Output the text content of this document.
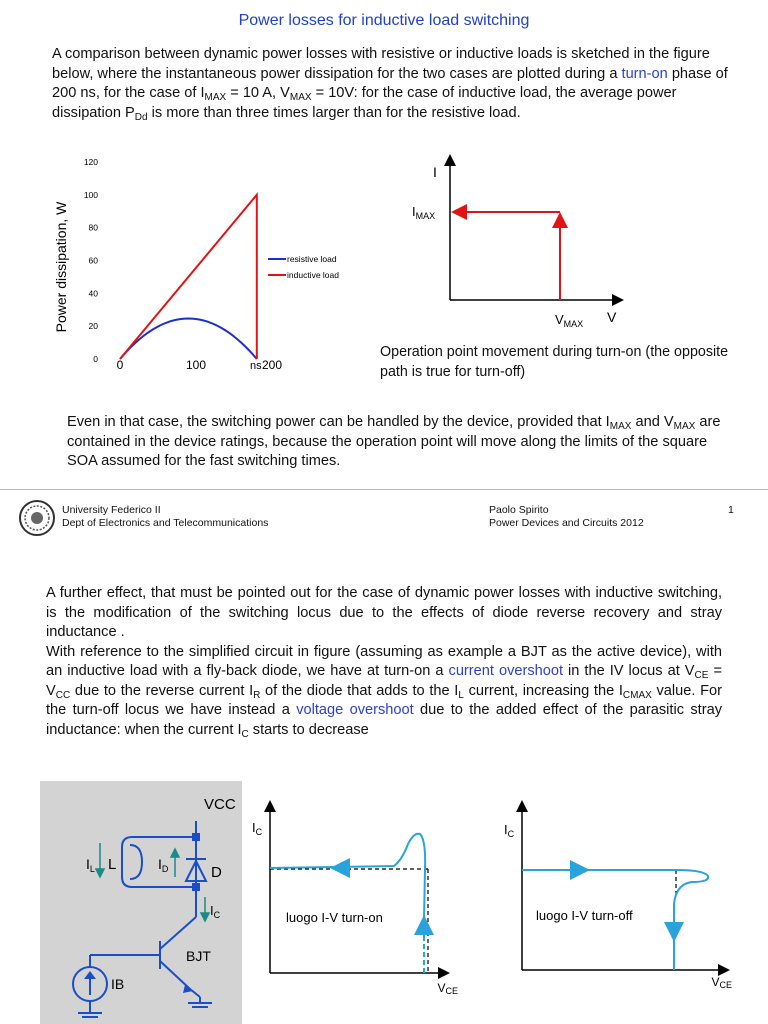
Power losses for inductive load switching
A comparison between dynamic power losses with resistive or inductive loads is sketched in the figure below, where the instantaneous power dissipation for the two cases are plotted during a turn-on phase of 200 ns, for the case of $I_{MAX} = 10$ A, $V_{MAX} = 10V$: for the case of inductive load, the average power dissipation $P_{Dd}$ is more than three times larger than for the resistive load.
Power dissipation, W
0
20
40
60
80
100
120
0	100	200
ns
resistive load
inductive load
I
$I_{MAX}$
$V_{MAX}$ V
Operation point movement during turn-on (the opposite path is true for turn-off)
Even in that case, the switching power can be handled by the device, provided that $I_{MAX}$ and $V_{MAX}$ are contained in the device ratings, because the operation point will move along the limits of the square SOA assumed for the fast switching times.
University Federico II
Dept of Electronics and Telecommunications
Paolo Spirito
Power Devices and Circuits 2012
1
A further effect, that must be pointed out for the case of dynamic power losses with inductive switching, is the modification of the switching locus due to the effects of diode reverse recovery and stray inductance .
With reference to the simplified circuit in figure (assuming as example a BJT as the active device), with an inductive load with a fly-back diode, we have at turn-on a current overshoot in the IV locus at $V_{CE} = V_{CC}$ due to the reverse current $I_R$ of the diode that adds to the $I_L$ current, increasing the $I_{CMAX}$ value. For the turn-off locus we have instead a voltage overshoot due to the added effect of the parasitic stray inductance: when the current $I_C$ starts to decrease
VCC
$I_L$ L	$I_D$	D
$I_C$
BJT
IB
$I_C$
luogo I-V turn-on
VCE
$I_C$
luogo I-V turn-off
VCE
